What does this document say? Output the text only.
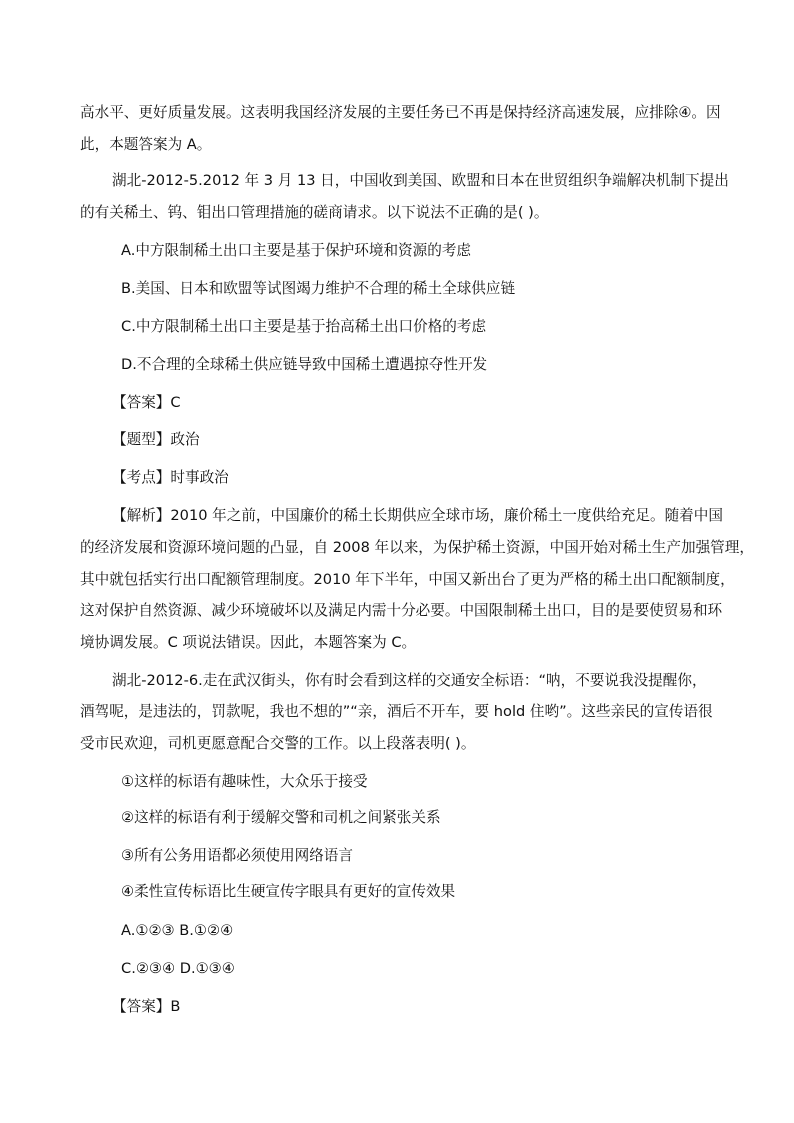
高水平、更好质量发展。这表明我国经济发展的主要任务已不再是保持经济高速发展，应排除④。因
此，本题答案为 A。
湖北-2012-5.2012 年 3 月 13 日，中国收到美国、欧盟和日本在世贸组织争端解决机制下提出
的有关稀土、钨、钼出口管理措施的磋商请求。以下说法不正确的是( )。
A.中方限制稀土出口主要是基于保护环境和资源的考虑
B.美国、日本和欧盟等试图竭力维护不合理的稀土全球供应链
C.中方限制稀土出口主要是基于抬高稀土出口价格的考虑
D.不合理的全球稀土供应链导致中国稀土遭遇掠夺性开发
【答案】C
【题型】政治
【考点】时事政治
【解析】2010 年之前，中国廉价的稀土长期供应全球市场，廉价稀土一度供给充足。随着中国
的经济发展和资源环境问题的凸显，自 2008 年以来，为保护稀土资源，中国开始对稀土生产加强管理，
其中就包括实行出口配额管理制度。2010 年下半年，中国又新出台了更为严格的稀土出口配额制度，
这对保护自然资源、减少环境破坏以及满足内需十分必要。中国限制稀土出口，目的是要使贸易和环
境协调发展。C 项说法错误。因此，本题答案为 C。
湖北-2012-6.走在武汉街头，你有时会看到这样的交通安全标语：“呐，不要说我没提醒你，
酒驾呢，是违法的，罚款呢，我也不想的”“亲，酒后不开车，要 hold 住哟”。这些亲民的宣传语很
受市民欢迎，司机更愿意配合交警的工作。以上段落表明( )。
①这样的标语有趣味性，大众乐于接受
②这样的标语有利于缓解交警和司机之间紧张关系
③所有公务用语都必须使用网络语言
④柔性宣传标语比生硬宣传字眼具有更好的宣传效果
A.①②③ B.①②④
C.②③④ D.①③④
【答案】B
